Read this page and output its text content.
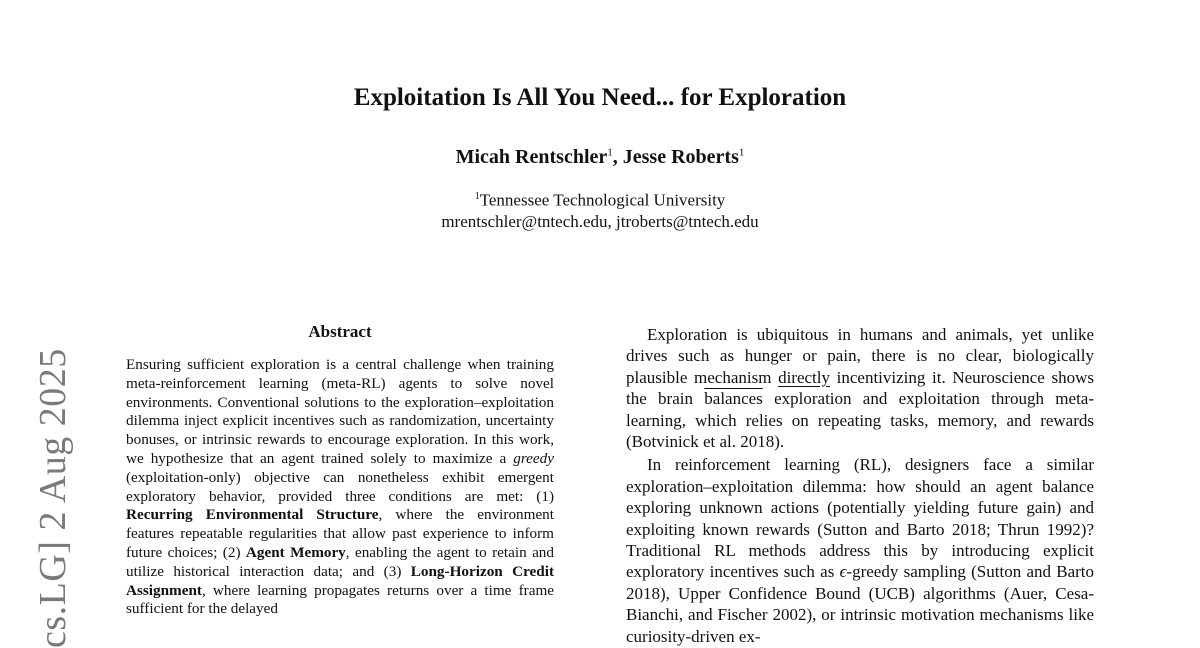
cs.LG] 2 Aug 2025
Exploitation Is All You Need... for Exploration
Micah Rentschler$^1$, Jesse Roberts$^1$
$^1$Tennessee Technological University
mrentschler@tntech.edu, jtroberts@tntech.edu
Abstract
Ensuring sufficient exploration is a central challenge when training meta-reinforcement learning (meta-RL) agents to solve novel environments. Conventional solutions to the exploration–exploitation dilemma inject explicit incentives such as randomization, uncertainty bonuses, or intrinsic rewards to encourage exploration. In this work, we hypothesize that an agent trained solely to maximize a greedy (exploitation-only) objective can nonetheless exhibit emergent exploratory behavior, provided three conditions are met: (1) Recurring Environmental Structure, where the environment features repeatable regularities that allow past experience to inform future choices; (2) Agent Memory, enabling the agent to retain and utilize historical interaction data; and (3) Long-Horizon Credit Assignment, where learning propagates returns over a time frame sufficient for the delayed

Exploration is ubiquitous in humans and animals, yet unlike drives such as hunger or pain, there is no clear, biologically plausible mechanism directly incentivizing it. Neuroscience shows the brain balances exploration and exploitation through meta-learning, which relies on repeating tasks, memory, and rewards (Botvinick et al. 2018).

In reinforcement learning (RL), designers face a similar exploration–exploitation dilemma: how should an agent balance exploring unknown actions (potentially yielding future gain) and exploiting known rewards (Sutton and Barto 2018; Thrun 1992)? Traditional RL methods address this by introducing explicit exploratory incentives such as ϵ-greedy sampling (Sutton and Barto 2018), Upper Confidence Bound (UCB) algorithms (Auer, Cesa-Bianchi, and Fischer 2002), or intrinsic motivation mechanisms like curiosity-driven ex-
